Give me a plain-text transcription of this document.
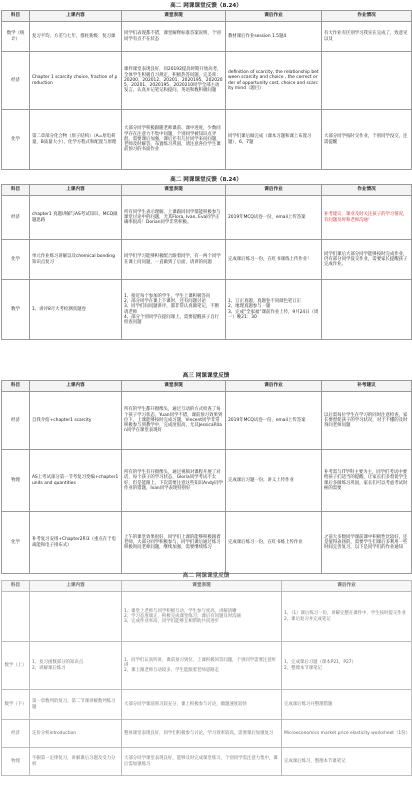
高二 网课课堂反馈（8.24）
科目	上课内容	课堂表现	课后作业	作业情况
数学（统计）	复习平均、方差与七年、群柱新级：复习课	同学们表现都不错，课堂解释标准答案说明，个别同学有点不在状态	教材课后作业session 1.5题4	有大作业有区别学习我实在完成了，致意见以及
经济	Chapter 1 scarcity choice, fraction of production	课件课堂表现良好，同20192提高时期开始高考，全体学生积极自习规定，积极热答问题，完美率：20200、202012、20201、2020195、2020205，20201、2020195、2020210同学全部主动发言，认真并记笔记和提问，英语和数积极问题	definition of scarcity, the relationship between scarcity and choice , the correct order of opportunity cost, choice and scarcity mind（题目）	
化学	第二章部分化合物（原子结构）（A=原电荷量，B质量大小），化学方程式和配置与原理	大部分同学积极跟随老师课前、课中进度，少数同学存在注意力不集中问题，个别同学被知识点弄混，需要课后加强，课后还有几位同学来问问题，老师及时解答，布置练习巩固，请注意各位学生课前预习的书面作业	同学们课后做完成（课本习题和课上布置习题），6、7题	大部分同学按时交作业，个别同学没交，还需提醒
高二 网课课堂反馈（8.24）
科目	上课内容	课堂表现	课后作业	作业情况
经济	chapter1 真题讲解与AS考试知识、MCQ做题思路	所有同学生表示理解，上课跟同同学都能积极参与课堂讨论中的问题，尤其Flora, Ivan, Eva同学正确率很高！Dorian同学非常积极。	2019年MCQ试卷一份，email上传答案	补考建议：课业及时关注孩子的学习情况，有问题及时和老师沟通！
化学	单元作业练习讲解以及chemical bonding知识点复习	同学们学习能够积极配合跟着同学，有一两个同学在课上问问题，一直做到了后面，请讲的问题	完成课后练习一份，在红书课练上传作业！	同学们课后大部分同学能够按时完成作业，仍有部分同学没交作业，需要家长提醒孩子完成作业。
数学	1、讲评8月大考检测真题卷	1、接近每个参加的学生、学生上课积极答问
2、部分同学在课上下课时，还有问题讨论
3、同学们间问题讲评，都非常认真做笔记，不断请老师
4、部分个别同学在提问课上，需要提醒孩子自行检查问题	1、订正真题，真题卷不同颜色笔订正
2、地理真题参与一题
3、完成“全家福”课前作业上传，9月24日（周一）晚21：30	
高三 网课课堂反馈
科目	上课内容	课堂表现	课后作业	补考建议
经济	自我介绍+chapter1 scarcity	所有的学生都开摄像头，通过互动的方式检查了每个孩子学习状态，Yuan同学不错，课前预习效果到位下，上课能够按时完成习题，Vincent同学非常积极参与到教学中，完成度很高，尤其Jessica和Ian同学在课堂表现好	2019年MCQ试卷一份，email上传答案	以后需每位学生在学习的同时注意检查，家长要督促孩子的学习状况，对于不懂的及时询问老师问题
物理	AS上考试部分第一节考复习变编+chapter1 units and quantities	所有的学生有开摄像头，通过视频对课程开展了对话，每个孩子的学习状态，Gloria同学考试不太好，但是能跟上，下次需要注意这些知识Andy同学作业的错题，Ivan同学表现特别好	完成课后习题一份，讲义上传作业	补考需与IT学科主要为主，同学们考试中要给孩子们适当的提醒，让家长们多督促学生课后多做练习巩固，家长们可以考虑考试时候的需要
化学	补考复习安排+Chapter2和3（重点在于电离能和电子排布式）	上午的课堂效果很好，同学们上课的能够积极跟着老师，大部分同学积极参与，同学们课后通过练习积极询问老师问题，继续加强，需要继续练习	完成课后练习一份，在红书练上传作业	之前大多数同学课前课中积极性比较好，还是值得表扬的，需要学生们课后多利用一些时间完善复习，以下是同学们的作业通知
高二 网课课堂反馈
科目	上课内容	课堂表现	课后作业
		1、课堂上老师与同学积极互动，学生参与度高，讲解清晰
2、学习态度端正，积极完成课堂练习，课后有问题及时沟通
3、完成作业率高，同学们能够互相帮助共同进步	1、（1）课后练习一份，讲解完整在课件中，学生按时提交作业
2、课后复习并完成笔记
数学（上）	1、复习函数部分的知识点
2、讲解课后练习	1、同学们认真听讲，课前预习到位，上课积极回答问题，个别同学需要注意听讲
2、课上跟老师互动较多，学生能跟着老师思路走	1、完成课后习题（课本P21，P27）
2、整理本节课笔记
数学（下）	第一章数列的复习，第二节课讲解数列练习题	大部分同学课前预习较充分，课上积极参与讨论，做题速度较快	完成课后练习并整理错题
经济	定价分析introduction	整体课堂表现良好，同学们积极参与讨论，学习效率较高，需要课后加强复习	Microeconomics market price elasticity worksheet（1份）
物理	牛顿第一定律复习，讲解课后习题及受力分析	大部分同学课堂表现良好，能够及时完成课堂练习，个别同学需注意力集中，课后需加强练习	完成课后练习，整理本节课笔记
